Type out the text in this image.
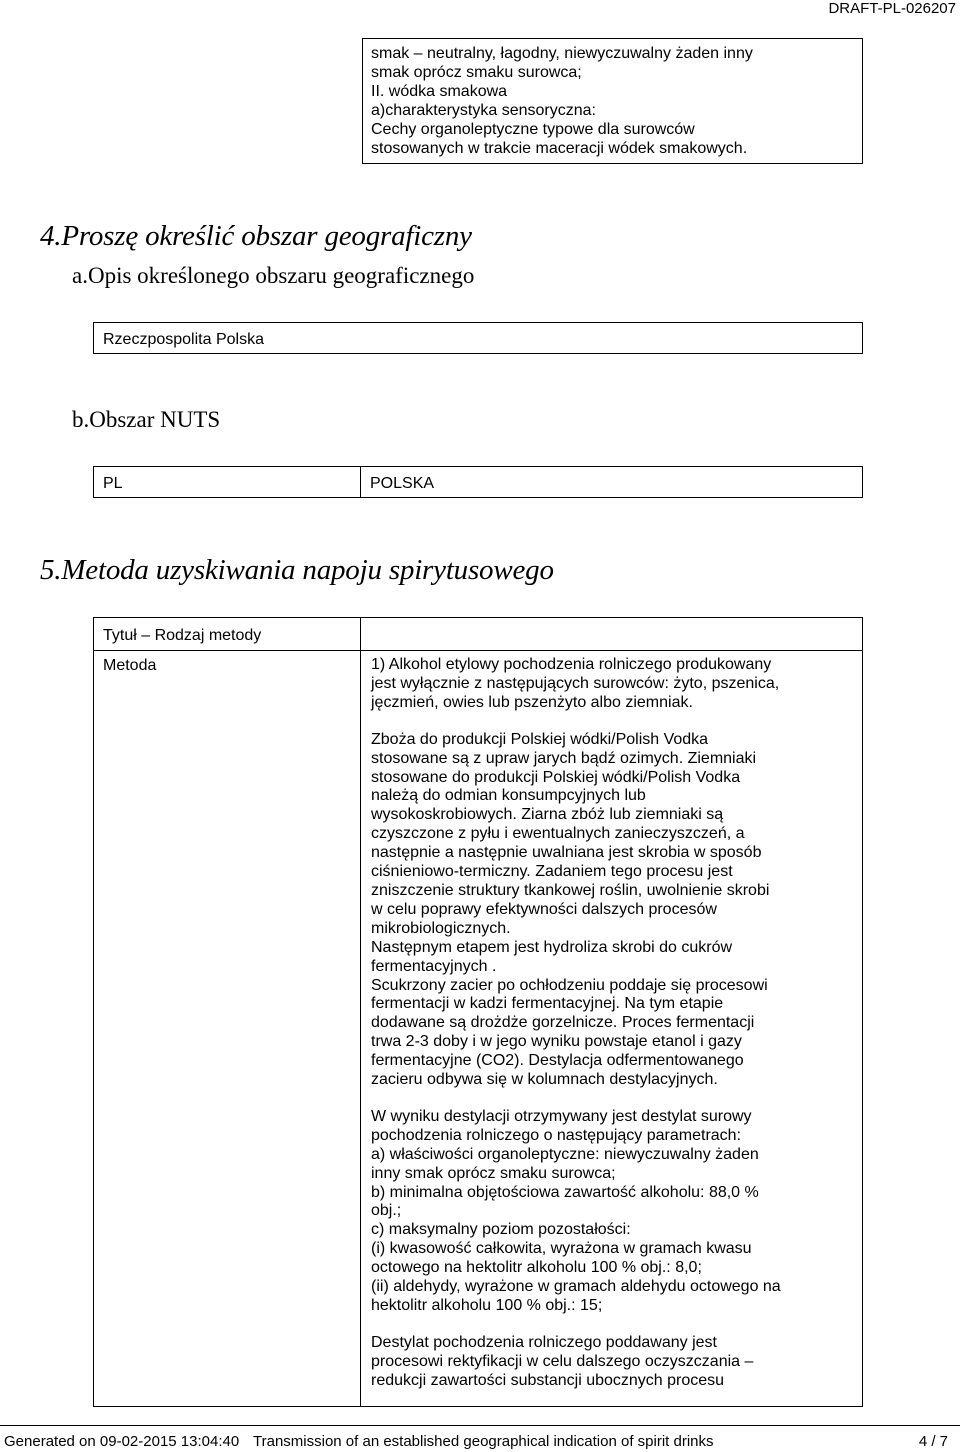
DRAFT-PL-026207
smak – neutralny, łagodny, niewyczuwalny żaden inny
smak oprócz smaku surowca;
II. wódka smakowa
a)charakterystyka sensoryczna:
Cechy organoleptyczne typowe dla surowców
stosowanych w trakcie maceracji wódek smakowych.
4.Proszę określić obszar geograficzny
a.Opis określonego obszaru geograficznego
Rzeczpospolita Polska
b.Obszar NUTS
PL	POLSKA
5.Metoda uzyskiwania napoju spirytusowego
Tytuł – Rodzaj metody
Metoda	1) Alkohol etylowy pochodzenia rolniczego produkowany
jest wyłącznie z następujących surowców: żyto, pszenica,
jęczmień, owies lub pszenżyto albo ziemniak.
Zboża do produkcji Polskiej wódki/Polish Vodka
stosowane są z upraw jarych bądź ozimych. Ziemniaki
stosowane do produkcji Polskiej wódki/Polish Vodka
należą do odmian konsumpcyjnych lub
wysokoskrobiowych. Ziarna zbóż lub ziemniaki są
czyszczone z pyłu i ewentualnych zanieczyszczeń, a
następnie a następnie uwalniana jest skrobia w sposób
ciśnieniowo-termiczny. Zadaniem tego procesu jest
zniszczenie struktury tkankowej roślin, uwolnienie skrobi
w celu poprawy efektywności dalszych procesów
mikrobiologicznych.
Następnym etapem jest hydroliza skrobi do cukrów
fermentacyjnych .
Scukrzony zacier po ochłodzeniu poddaje się procesowi
fermentacji w kadzi fermentacyjnej. Na tym etapie
dodawane są drożdże gorzelnicze. Proces fermentacji
trwa 2-3 doby i w jego wyniku powstaje etanol i gazy
fermentacyjne (CO2). Destylacja odfermentowanego
zacieru odbywa się w kolumnach destylacyjnych.
W wyniku destylacji otrzymywany jest destylat surowy
pochodzenia rolniczego o następujący parametrach:
a) właściwości organoleptyczne: niewyczuwalny żaden
inny smak oprócz smaku surowca;
b) minimalna objętościowa zawartość alkoholu: 88,0 %
obj.;
c) maksymalny poziom pozostałości:
(i) kwasowość całkowita, wyrażona w gramach kwasu
octowego na hektolitr alkoholu 100 % obj.: 8,0;
(ii) aldehydy, wyrażone w gramach aldehydu octowego na
hektolitr alkoholu 100 % obj.: 15;
Destylat pochodzenia rolniczego poddawany jest
procesowi rektyfikacji w celu dalszego oczyszczania –
redukcji zawartości substancji ubocznych procesu
Generated on 09-02-2015 13:04:40 Transmission of an established geographical indication of spirit drinks	4 / 7
